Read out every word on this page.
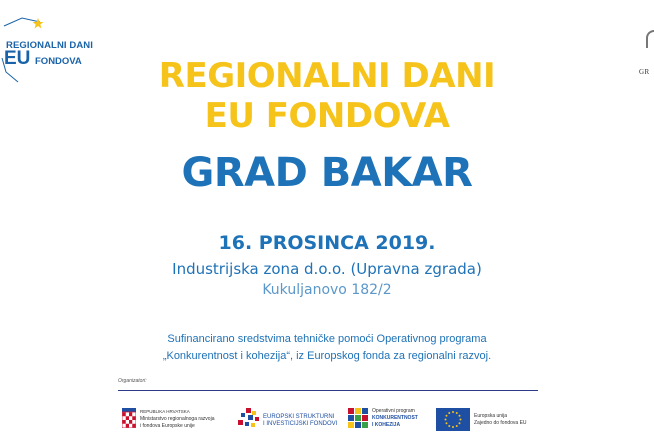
REGIONALNI DANI
EU FONDOVA
GR
REGIONALNI DANI
EU FONDOVA
GRAD BAKAR
16. PROSINCA 2019.
Industrijska zona d.o.o. (Upravna zgrada)
Kukuljanovo 182/2
Sufinancirano sredstvima tehničke pomoći Operativnog programa
„Konkurentnost i kohezija“, iz Europskog fonda za regionalni razvoj.
Organizatori:
REPUBLIKA HRVATSKA
Ministarstvo regionalnoga razvoja
i fondova Europske unije
EUROPSKI STRUKTURNI
I INVESTICIJSKI FONDOVI
Operativni program
KONKURENTNOST
I KOHEZIJA
Europska unija
Zajedno do fondova EU
